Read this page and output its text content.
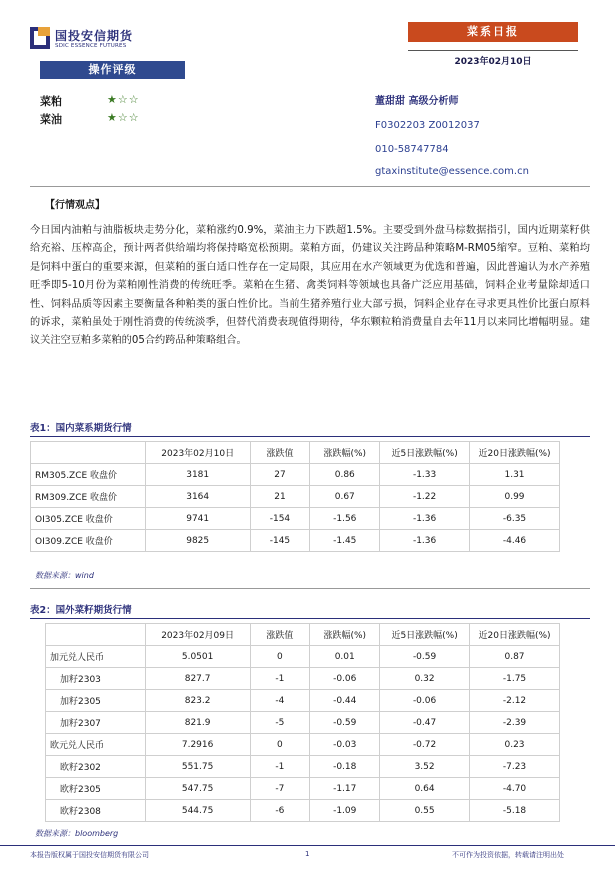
国投安信期货
SDIC ESSENCE FUTURES
菜系日报
2023年02月10日
操作评级
菜粕	★☆☆
菜油	★☆☆
董甜甜 高级分析师
F0302203 Z0012037
010-58747784
gtaxinstitute@essence.com.cn
【行情观点】
今日国内油粕与油脂板块走势分化，菜粕涨约0.9%，菜油主力下跌超1.5%。主要受到外盘马棕数据指引，国内近期菜籽供给充裕、压榨高企，预计两者供给端均将保持略宽松预期。菜粕方面，仍建议关注跨品种策略M-RM05缩窄。豆粕、菜粕均是饲料中蛋白的重要来源，但菜粕的蛋白适口性存在一定局限，其应用在水产领域更为优选和普遍，因此普遍认为水产养殖旺季即5-10月份为菜粕刚性消费的传统旺季。菜粕在生猪、禽类饲料等领域也具备广泛应用基础，饲料企业考量除却适口性、饲料品质等因素主要衡量各种粕类的蛋白性价比。当前生猪养殖行业大部亏损，饲料企业存在寻求更具性价比蛋白原料的诉求，菜粕虽处于刚性消费的传统淡季，但替代消费表现值得期待，华东颗粒粕消费量自去年11月以来同比增幅明显。建议关注空豆粕多菜粕的05合约跨品种策略组合。
表1：国内菜系期货行情
	2023年02月10日	涨跌值	涨跌幅(%)	近5日涨跌幅(%)	近20日涨跌幅(%)
RM305.ZCE 收盘价	3181	27	0.86	-1.33	1.31
RM309.ZCE 收盘价	3164	21	0.67	-1.22	0.99
OI305.ZCE 收盘价	9741	-154	-1.56	-1.36	-6.35
OI309.ZCE 收盘价	9825	-145	-1.45	-1.36	-4.46
数据来源：wind
表2：国外菜籽期货行情
	2023年02月09日	涨跌值	涨跌幅(%)	近5日涨跌幅(%)	近20日涨跌幅(%)
加元兑人民币	5.0501	0	0.01	-0.59	0.87
加籽2303	827.7	-1	-0.06	0.32	-1.75
加籽2305	823.2	-4	-0.44	-0.06	-2.12
加籽2307	821.9	-5	-0.59	-0.47	-2.39
欧元兑人民币	7.2916	0	-0.03	-0.72	0.23
欧籽2302	551.75	-1	-0.18	3.52	-7.23
欧籽2305	547.75	-7	-1.17	0.64	-4.70
欧籽2308	544.75	-6	-1.09	0.55	-5.18
数据来源：bloomberg
本报告版权属于国投安信期货有限公司	1	不可作为投资依据，转载请注明出处
